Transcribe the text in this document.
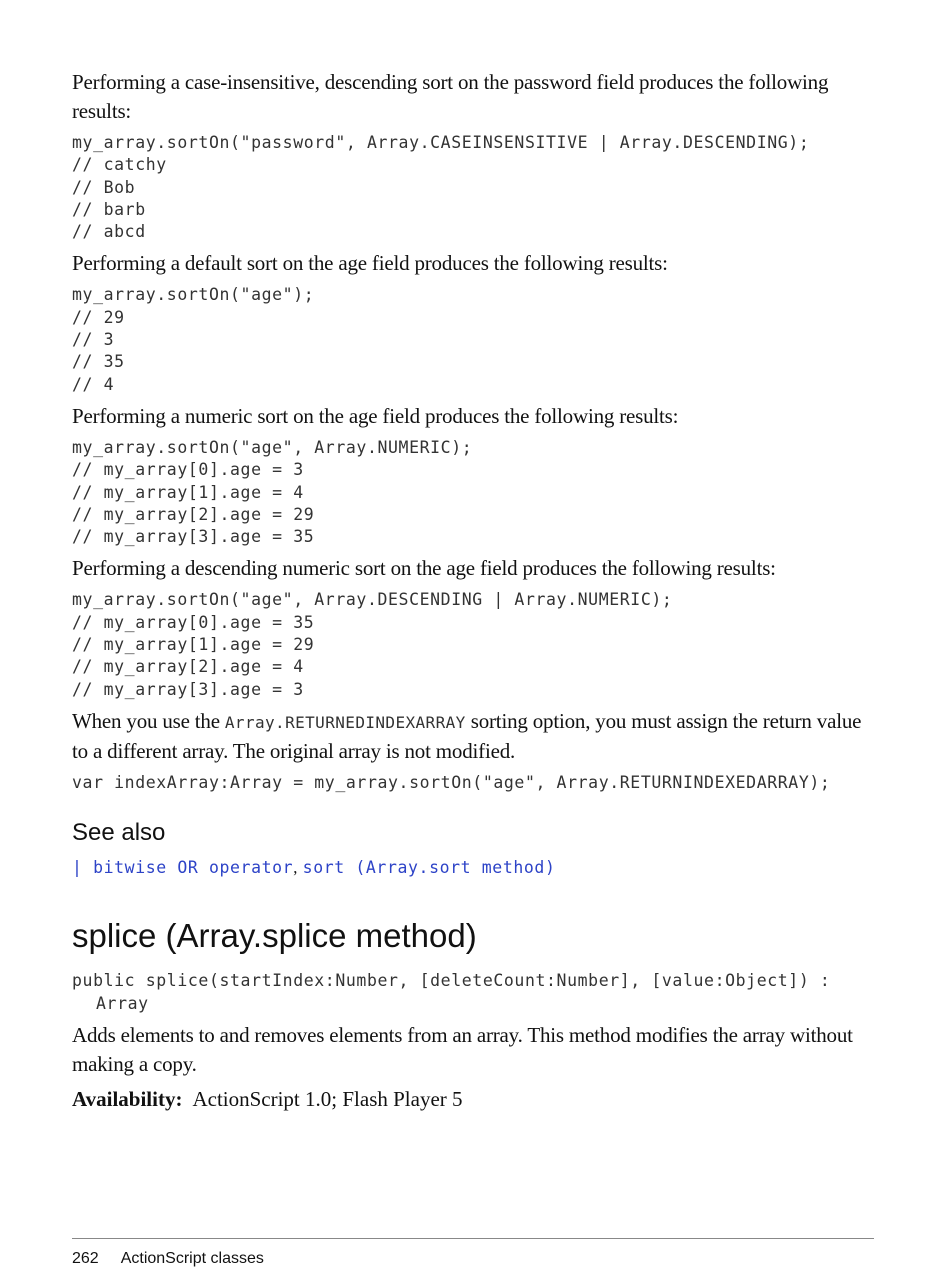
Performing a case-insensitive, descending sort on the password field produces the following results:

my_array.sortOn("password", Array.CASEINSENSITIVE | Array.DESCENDING);
// catchy
// Bob
// barb
// abcd

Performing a default sort on the age field produces the following results:

my_array.sortOn("age");
// 29
// 3
// 35
// 4

Performing a numeric sort on the age field produces the following results:

my_array.sortOn("age", Array.NUMERIC);
// my_array[0].age = 3
// my_array[1].age = 4
// my_array[2].age = 29
// my_array[3].age = 35

Performing a descending numeric sort on the age field produces the following results:

my_array.sortOn("age", Array.DESCENDING | Array.NUMERIC);
// my_array[0].age = 35
// my_array[1].age = 29
// my_array[2].age = 4
// my_array[3].age = 3

When you use the Array.RETURNEDINDEXARRAY sorting option, you must assign the return value to a different array. The original array is not modified.

var indexArray:Array = my_array.sortOn("age", Array.RETURNINDEXEDARRAY);
See also

| bitwise OR operator, sort (Array.sort method)

splice (Array.splice method)
public splice(startIndex:Number, [deleteCount:Number], [value:Object]) :
Array

Adds elements to and removes elements from an array. This method modifies the array without making a copy.

Availability: ActionScript 1.0; Flash Player 5

262 ActionScript classes
